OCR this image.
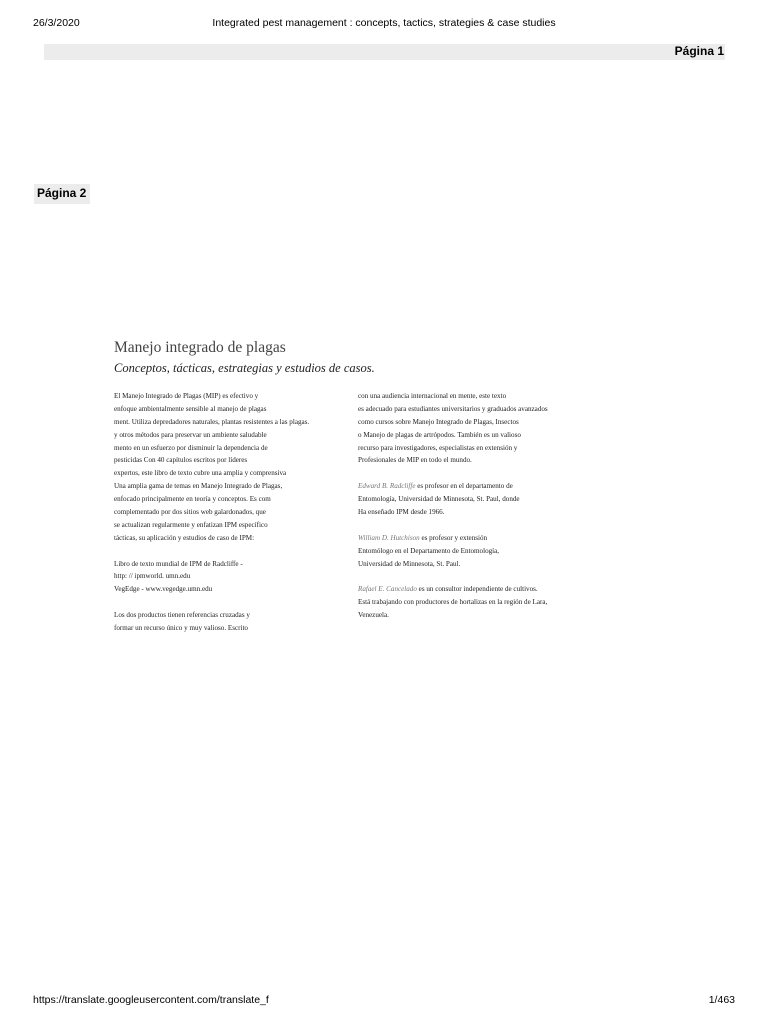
26/3/2020	Integrated pest management : concepts, tactics, strategies & case studies
Página 1
Página 2
Manejo integrado de plagas
Conceptos, tácticas, estrategias y estudios de casos.
El Manejo Integrado de Plagas (MIP) es efectivo y
enfoque ambientalmente sensible al manejo de plagas
ment. Utiliza depredadores naturales, plantas resistentes a las plagas.
y otros métodos para preservar un ambiente saludable
mento en un esfuerzo por disminuir la dependencia de
pesticidas Con 40 capítulos escritos por líderes
expertos, este libro de texto cubre una amplia y comprensiva
Una amplia gama de temas en Manejo Integrado de Plagas,
enfocado principalmente en teoría y conceptos. Es com
complementado por dos sitios web galardonados, que
se actualizan regularmente y enfatizan IPM específico
tácticas, su aplicación y estudios de caso de IPM:
Libro de texto mundial de IPM de Radcliffe -
http: // ipmworld. umn.edu
VegEdge - www.vegedge.umn.edu
Los dos productos tienen referencias cruzadas y
formar un recurso único y muy valioso. Escrito
con una audiencia internacional en mente, este texto
es adecuado para estudiantes universitarios y graduados avanzados
como cursos sobre Manejo Integrado de Plagas, Insectos
o Manejo de plagas de artrópodos. También es un valioso
recurso para investigadores, especialistas en extensión y
Profesionales de MIP en todo el mundo.
Edward B. Radcliffe es profesor en el departamento de
Entomología, Universidad de Minnesota, St. Paul, donde
Ha enseñado IPM desde 1966.
William D. Hutchison es profesor y extensión
Entomólogo en el Departamento de Entomología,
Universidad de Minnesota, St. Paul.
Rafael E. Cancelado es un consultor independiente de cultivos.
Está trabajando con productores de hortalizas en la región de Lara,
Venezuela.
https://translate.googleusercontent.com/translate_f	1/463
